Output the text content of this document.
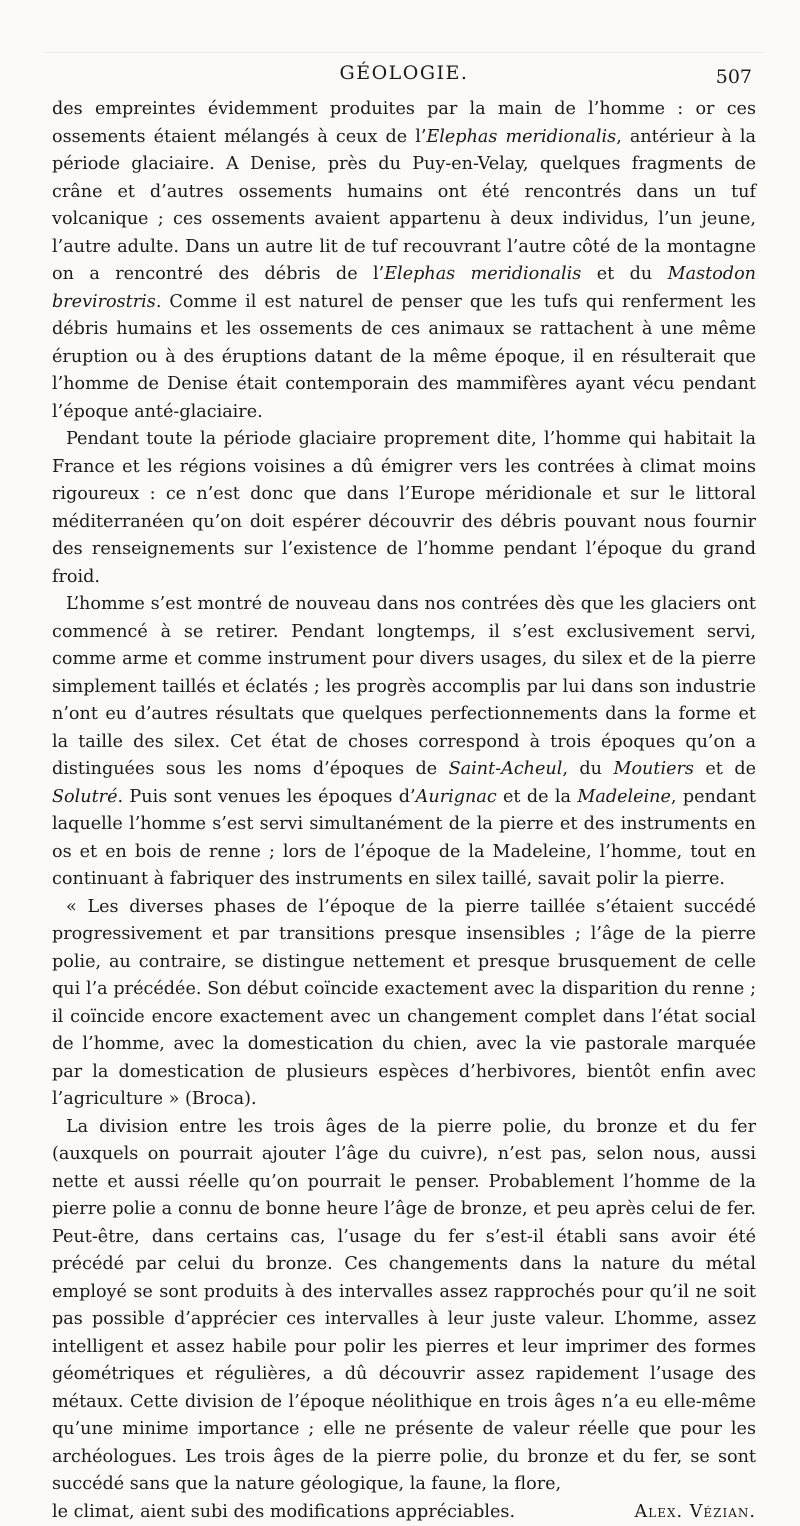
GÉOLOGIE.	507

des empreintes évidemment produites par la main de l’homme : or ces ossements étaient mélangés à ceux de l’Elephas meridionalis, antérieur à la période glaciaire. A Denise, près du Puy-en-Velay, quelques fragments de crâne et d’autres ossements humains ont été rencontrés dans un tuf volcanique ; ces ossements avaient appartenu à deux individus, l’un jeune, l’autre adulte. Dans un autre lit de tuf recouvrant l’autre côté de la montagne on a rencontré des débris de l’Elephas meridionalis et du Mastodon brevirostris. Comme il est naturel de penser que les tufs qui renferment les débris humains et les ossements de ces animaux se rattachent à une même éruption ou à des éruptions datant de la même époque, il en résulterait que l’homme de Denise était contemporain des mammifères ayant vécu pendant l’époque anté-glaciaire.

Pendant toute la période glaciaire proprement dite, l’homme qui habitait la France et les régions voisines a dû émigrer vers les contrées à climat moins rigoureux : ce n’est donc que dans l’Europe méridionale et sur le littoral méditerranéen qu’on doit espérer découvrir des débris pouvant nous fournir des renseignements sur l’existence de l’homme pendant l’époque du grand froid.

L’homme s’est montré de nouveau dans nos contrées dès que les glaciers ont commencé à se retirer. Pendant longtemps, il s’est exclusivement servi, comme arme et comme instrument pour divers usages, du silex et de la pierre simplement taillés et éclatés ; les progrès accomplis par lui dans son industrie n’ont eu d’autres résultats que quelques perfectionnements dans la forme et la taille des silex. Cet état de choses correspond à trois époques qu’on a distinguées sous les noms d’époques de Saint-Acheul, du Moutiers et de Solutré. Puis sont venues les époques d’Aurignac et de la Madeleine, pendant laquelle l’homme s’est servi simultanément de la pierre et des instruments en os et en bois de renne ; lors de l’époque de la Madeleine, l’homme, tout en continuant à fabriquer des instruments en silex taillé, savait polir la pierre.

« Les diverses phases de l’époque de la pierre taillée s’étaient succédé progressivement et par transitions presque insensibles ; l’âge de la pierre polie, au contraire, se distingue nettement et presque brusquement de celle qui l’a précédée. Son début coïncide exactement avec la disparition du renne ; il coïncide encore exactement avec un changement complet dans l’état social de l’homme, avec la domestication du chien, avec la vie pastorale marquée par la domestication de plusieurs espèces d’herbivores, bientôt enfin avec l’agriculture » (Broca).

La division entre les trois âges de la pierre polie, du bronze et du fer (auxquels on pourrait ajouter l’âge du cuivre), n’est pas, selon nous, aussi nette et aussi réelle qu’on pourrait le penser. Probablement l’homme de la pierre polie a connu de bonne heure l’âge de bronze, et peu après celui de fer. Peut-être, dans certains cas, l’usage du fer s’est-il établi sans avoir été précédé par celui du bronze. Ces changements dans la nature du métal employé se sont produits à des intervalles assez rapprochés pour qu’il ne soit pas possible d’apprécier ces intervalles à leur juste valeur. L’homme, assez intelligent et assez habile pour polir les pierres et leur imprimer des formes géométriques et régulières, a dû découvrir assez rapidement l’usage des métaux. Cette division de l’époque néolithique en trois âges n’a eu elle-même qu’une minime importance ; elle ne présente de valeur réelle que pour les archéologues. Les trois âges de la pierre polie, du bronze et du fer, se sont succédé sans que la nature géologique, la faune, la flore,

le climat, aient subi des modifications appréciables.	Alex. Vézian.
